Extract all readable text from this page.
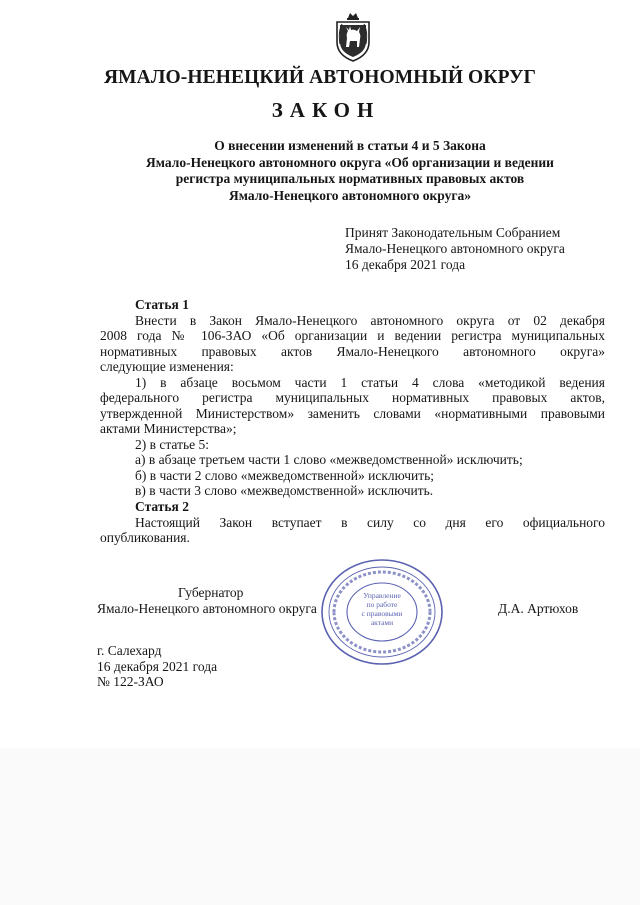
ЯМАЛО-НЕНЕЦКИЙ АВТОНОМНЫЙ ОКРУГ
ЗАКОН
О внесении изменений в статьи 4 и 5 Закона
Ямало-Ненецкого автономного округа «Об организации и ведении
регистра муниципальных нормативных правовых актов
Ямало-Ненецкого автономного округа»
Принят Законодательным Собранием
Ямало-Ненецкого автономного округа
16 декабря 2021 года
Статья 1
Внести в Закон Ямало-Ненецкого автономного округа от 02 декабря
2008 года № 106-ЗАО «Об организации и ведении регистра муниципальных
нормативных правовых актов Ямало-Ненецкого автономного округа»
следующие изменения:
1) в абзаце восьмом части 1 статьи 4 слова «методикой ведения
федерального регистра муниципальных нормативных правовых актов,
утвержденной Министерством» заменить словами «нормативными правовыми
актами Министерства»;
2) в статье 5:
а) в абзаце третьем части 1 слово «межведомственной» исключить;
б) в части 2 слово «межведомственной» исключить;
в) в части 3 слово «межведомственной» исключить.
Статья 2
Настоящий Закон вступает в силу со дня его официального
опубликования.
Губернатор
Ямало-Ненецкого автономного округа	Д.А. Артюхов
Управление
по работе
с правовыми
актами
г. Салехард
16 декабря 2021 года
№ 122-ЗАО
